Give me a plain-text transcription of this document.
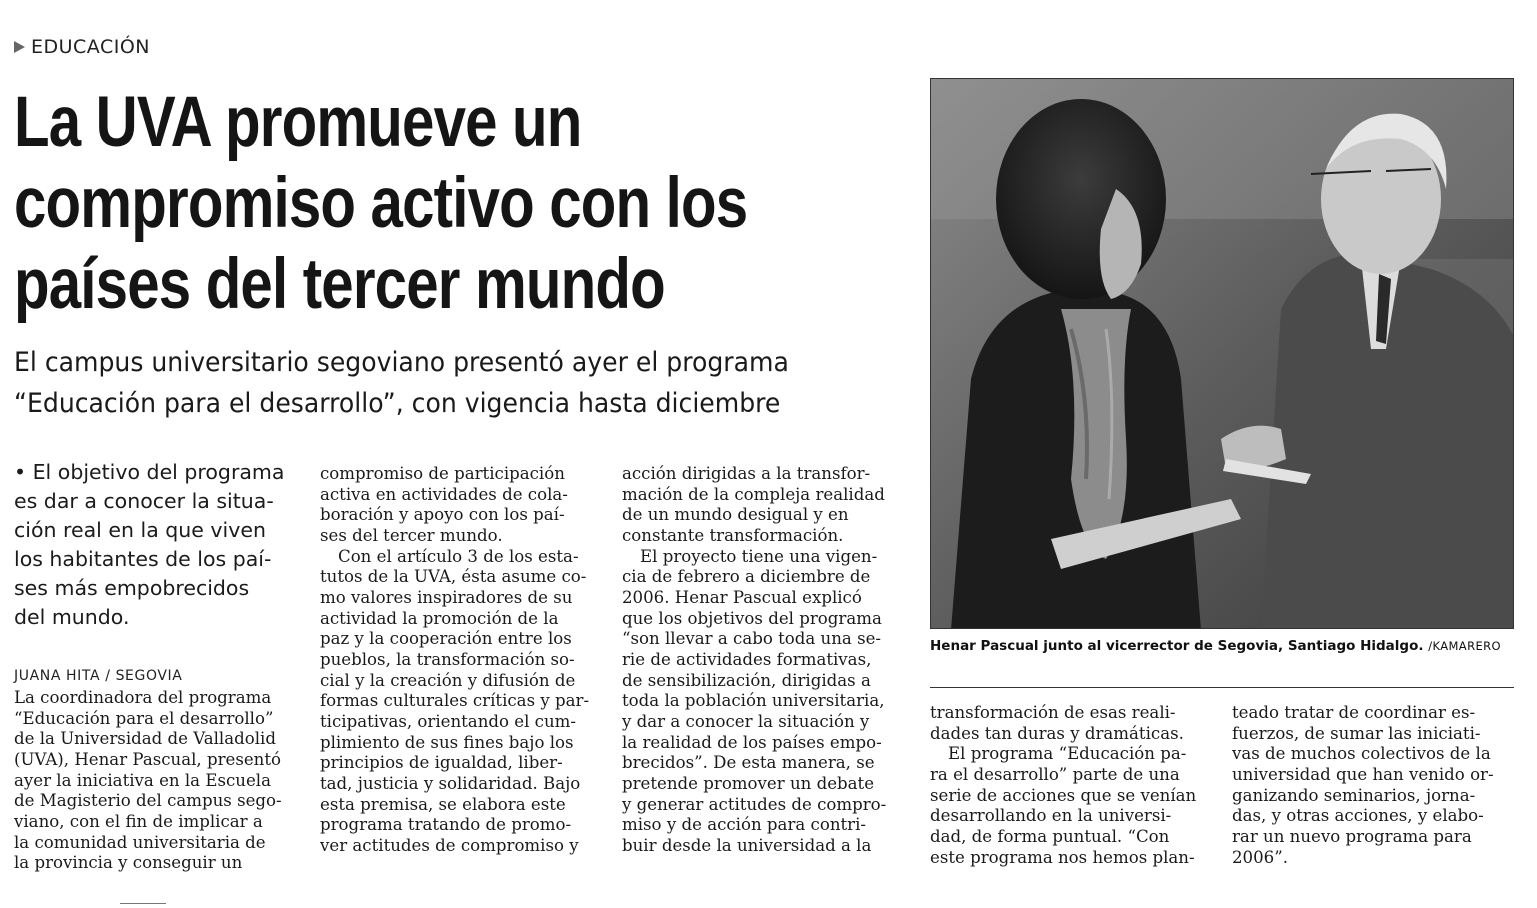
EDUCACIÓN
La UVA promueve un
compromiso activo con los
países del tercer mundo
El campus universitario segoviano presentó ayer el programa
“Educación para el desarrollo”, con vigencia hasta diciembre
• El objetivo del programa
es dar a conocer la situa-
ción real en la que viven
los habitantes de los paí-
ses más empobrecidos
del mundo.
JUANA HITA / SEGOVIA
La coordinadora del programa
“Educación para el desarrollo”
de la Universidad de Valladolid
(UVA), Henar Pascual, presentó
ayer la iniciativa en la Escuela
de Magisterio del campus sego-
viano, con el fin de implicar a
la comunidad universitaria de
la provincia y conseguir un
compromiso de participación
activa en actividades de cola-
boración y apoyo con los paí-
ses del tercer mundo.
Con el artículo 3 de los esta-
tutos de la UVA, ésta asume co-
mo valores inspiradores de su
actividad la promoción de la
paz y la cooperación entre los
pueblos, la transformación so-
cial y la creación y difusión de
formas culturales críticas y par-
ticipativas, orientando el cum-
plimiento de sus fines bajo los
principios de igualdad, liber-
tad, justicia y solidaridad. Bajo
esta premisa, se elabora este
programa tratando de promo-
ver actitudes de compromiso y
acción dirigidas a la transfor-
mación de la compleja realidad
de un mundo desigual y en
constante transformación.
El proyecto tiene una vigen-
cia de febrero a diciembre de
2006. Henar Pascual explicó
que los objetivos del programa
“son llevar a cabo toda una se-
rie de actividades formativas,
de sensibilización, dirigidas a
toda la población universitaria,
y dar a conocer la situación y
la realidad de los países empo-
brecidos”. De esta manera, se
pretende promover un debate
y generar actitudes de compro-
miso y de acción para contri-
buir desde la universidad a la
transformación de esas reali-
dades tan duras y dramáticas.
El programa “Educación pa-
ra el desarrollo” parte de una
serie de acciones que se venían
desarrollando en la universi-
dad, de forma puntual. “Con
este programa nos hemos plan-
teado tratar de coordinar es-
fuerzos, de sumar las iniciati-
vas de muchos colectivos de la
universidad que han venido or-
ganizando seminarios, jorna-
das, y otras acciones, y elabo-
rar un nuevo programa para
2006”.
Henar Pascual junto al vicerrector de Segovia, Santiago Hidalgo. /KAMARERO
